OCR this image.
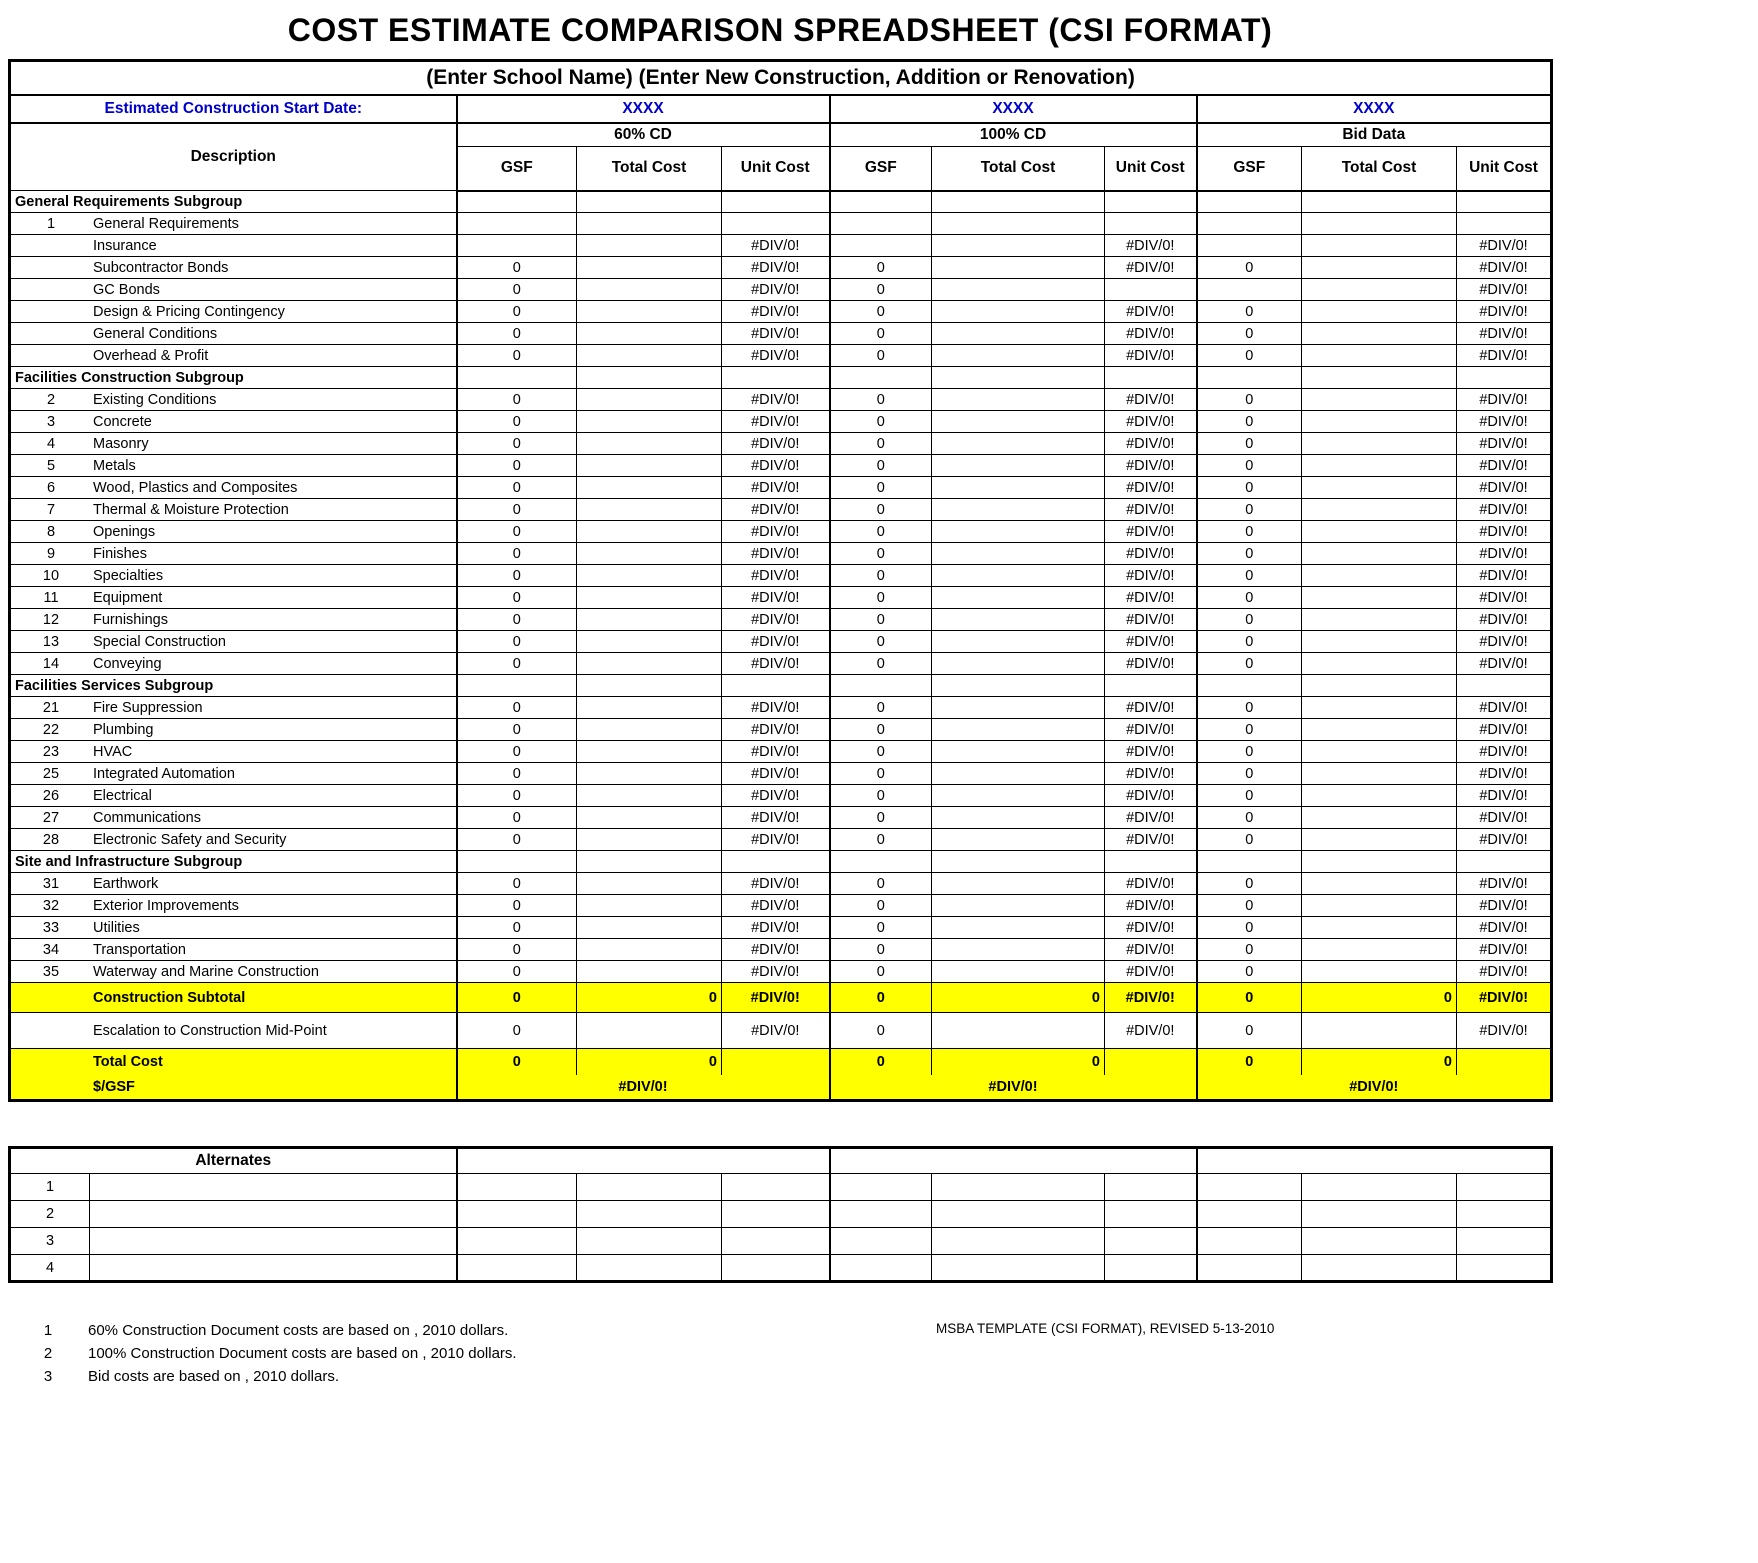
COST ESTIMATE COMPARISON SPREADSHEET (CSI FORMAT)
(Enter School Name) (Enter New Construction, Addition or Renovation)									
Estimated Construction Start Date:	XXXX			XXXX			XXXX		
Description	60% CD			100% CD			Bid Data		
	GSF	Total Cost	Unit Cost	GSF	Total Cost	Unit Cost	GSF	Total Cost	Unit Cost
General Requirements Subgroup									
1 General Requirements									
Insurance			#DIV/0!			#DIV/0!			#DIV/0!
Subcontractor Bonds	0		#DIV/0!	0		#DIV/0!	0		#DIV/0!
GC Bonds	0		#DIV/0!	0					#DIV/0!
Design & Pricing Contingency	0		#DIV/0!	0		#DIV/0!	0		#DIV/0!
General Conditions	0		#DIV/0!	0		#DIV/0!	0		#DIV/0!
Overhead & Profit	0		#DIV/0!	0		#DIV/0!	0		#DIV/0!
Facilities Construction Subgroup									
2 Existing Conditions	0		#DIV/0!	0		#DIV/0!	0		#DIV/0!
3 Concrete	0		#DIV/0!	0		#DIV/0!	0		#DIV/0!
4 Masonry	0		#DIV/0!	0		#DIV/0!	0		#DIV/0!
5 Metals	0		#DIV/0!	0		#DIV/0!	0		#DIV/0!
6 Wood, Plastics and Composites	0		#DIV/0!	0		#DIV/0!	0		#DIV/0!
7 Thermal & Moisture Protection	0		#DIV/0!	0		#DIV/0!	0		#DIV/0!
8 Openings	0		#DIV/0!	0		#DIV/0!	0		#DIV/0!
9 Finishes	0		#DIV/0!	0		#DIV/0!	0		#DIV/0!
10 Specialties	0		#DIV/0!	0		#DIV/0!	0		#DIV/0!
11 Equipment	0		#DIV/0!	0		#DIV/0!	0		#DIV/0!
12 Furnishings	0		#DIV/0!	0		#DIV/0!	0		#DIV/0!
13 Special Construction	0		#DIV/0!	0		#DIV/0!	0		#DIV/0!
14 Conveying	0		#DIV/0!	0		#DIV/0!	0		#DIV/0!
Facilities Services Subgroup									
21 Fire Suppression	0		#DIV/0!	0		#DIV/0!	0		#DIV/0!
22 Plumbing	0		#DIV/0!	0		#DIV/0!	0		#DIV/0!
23 HVAC	0		#DIV/0!	0		#DIV/0!	0		#DIV/0!
25 Integrated Automation	0		#DIV/0!	0		#DIV/0!	0		#DIV/0!
26 Electrical	0		#DIV/0!	0		#DIV/0!	0		#DIV/0!
27 Communications	0		#DIV/0!	0		#DIV/0!	0		#DIV/0!
28 Electronic Safety and Security	0		#DIV/0!	0		#DIV/0!	0		#DIV/0!
Site and Infrastructure Subgroup									
31 Earthwork	0		#DIV/0!	0		#DIV/0!	0		#DIV/0!
32 Exterior Improvements	0		#DIV/0!	0		#DIV/0!	0		#DIV/0!
33 Utilities	0		#DIV/0!	0		#DIV/0!	0		#DIV/0!
34 Transportation	0		#DIV/0!	0		#DIV/0!	0		#DIV/0!
35 Waterway and Marine Construction	0		#DIV/0!	0		#DIV/0!	0		#DIV/0!
Construction Subtotal	0	0	#DIV/0!	0	0	#DIV/0!	0	0	#DIV/0!
Escalation to Construction Mid-Point	0		#DIV/0!	0		#DIV/0!	0		#DIV/0!
Total Cost	0	0		0	0		0	0	
$/GSF	#DIV/0!			#DIV/0!			#DIV/0!		
Alternates										
1										
2										
3										
4										
1 60% Construction Document costs are based on , 2010 dollars.
2 100% Construction Document costs are based on , 2010 dollars.
3 Bid costs are based on , 2010 dollars.
MSBA TEMPLATE (CSI FORMAT), REVISED 5-13-2010
